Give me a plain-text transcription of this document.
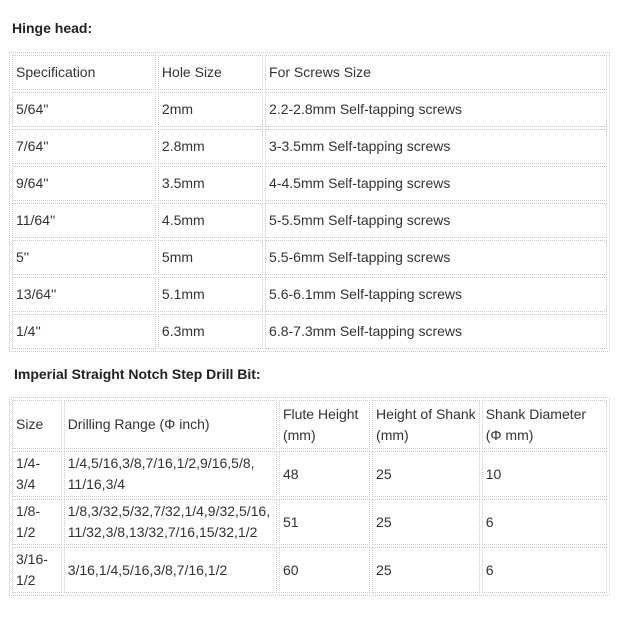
Hinge head:
Specification	Hole Size	For Screws Size
5/64''	2mm	2.2-2.8mm Self-tapping screws
7/64''	2.8mm	3-3.5mm Self-tapping screws
9/64''	3.5mm	4-4.5mm Self-tapping screws
11/64''	4.5mm	5-5.5mm Self-tapping screws
5''	5mm	5.5-6mm Self-tapping screws
13/64''	5.1mm	5.6-6.1mm Self-tapping screws
1/4''	6.3mm	6.8-7.3mm Self-tapping screws
Imperial Straight Notch Step Drill Bit:
Size	Drilling Range (Φ inch)	Flute Height (mm)	Height of Shank (mm)	Shank Diameter (Φ mm)
1/4-3/4	1/4,5/16,3/8,7/16,1/2,9/16,5/8, 11/16,3/4	48	25	10
1/8-1/2	1/8,3/32,5/32,7/32,1/4,9/32,5/16, 11/32,3/8,13/32,7/16,15/32,1/2	51	25	6
3/16-1/2	3/16,1/4,5/16,3/8,7/16,1/2	60	25	6
